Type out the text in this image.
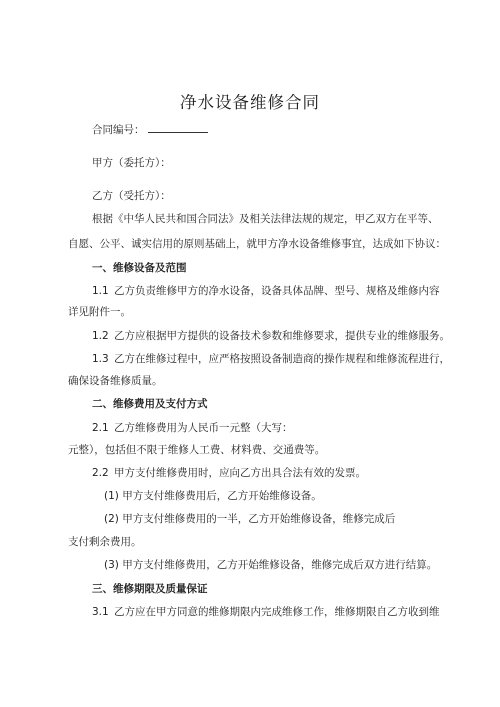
净水设备维修合同
合同编号：
甲方（委托方）：
乙方（受托方）：
根据《中华人民共和国合同法》及相关法律法规的规定，甲乙双方在平等、
自愿、公平、诚实信用的原则基础上，就甲方净水设备维修事宜，达成如下协议：
一、维修设备及范围
1.1 乙方负责维修甲方的净水设备，设备具体品牌、型号、规格及维修内容
详见附件一。
1.2 乙方应根据甲方提供的设备技术参数和维修要求，提供专业的维修服务。
1.3 乙方在维修过程中，应严格按照设备制造商的操作规程和维修流程进行，
确保设备维修质量。
二、维修费用及支付方式
2.1 乙方维修费用为人民币一元整（大写：
元整），包括但不限于维修人工费、材料费、交通费等。
2.2 甲方支付维修费用时，应向乙方出具合法有效的发票。
(1) 甲方支付维修费用后，乙方开始维修设备。
(2) 甲方支付维修费用的一半，乙方开始维修设备，维修完成后
支付剩余费用。
(3) 甲方支付维修费用，乙方开始维修设备，维修完成后双方进行结算。
三、维修期限及质量保证
3.1 乙方应在甲方同意的维修期限内完成维修工作，维修期限自乙方收到维
